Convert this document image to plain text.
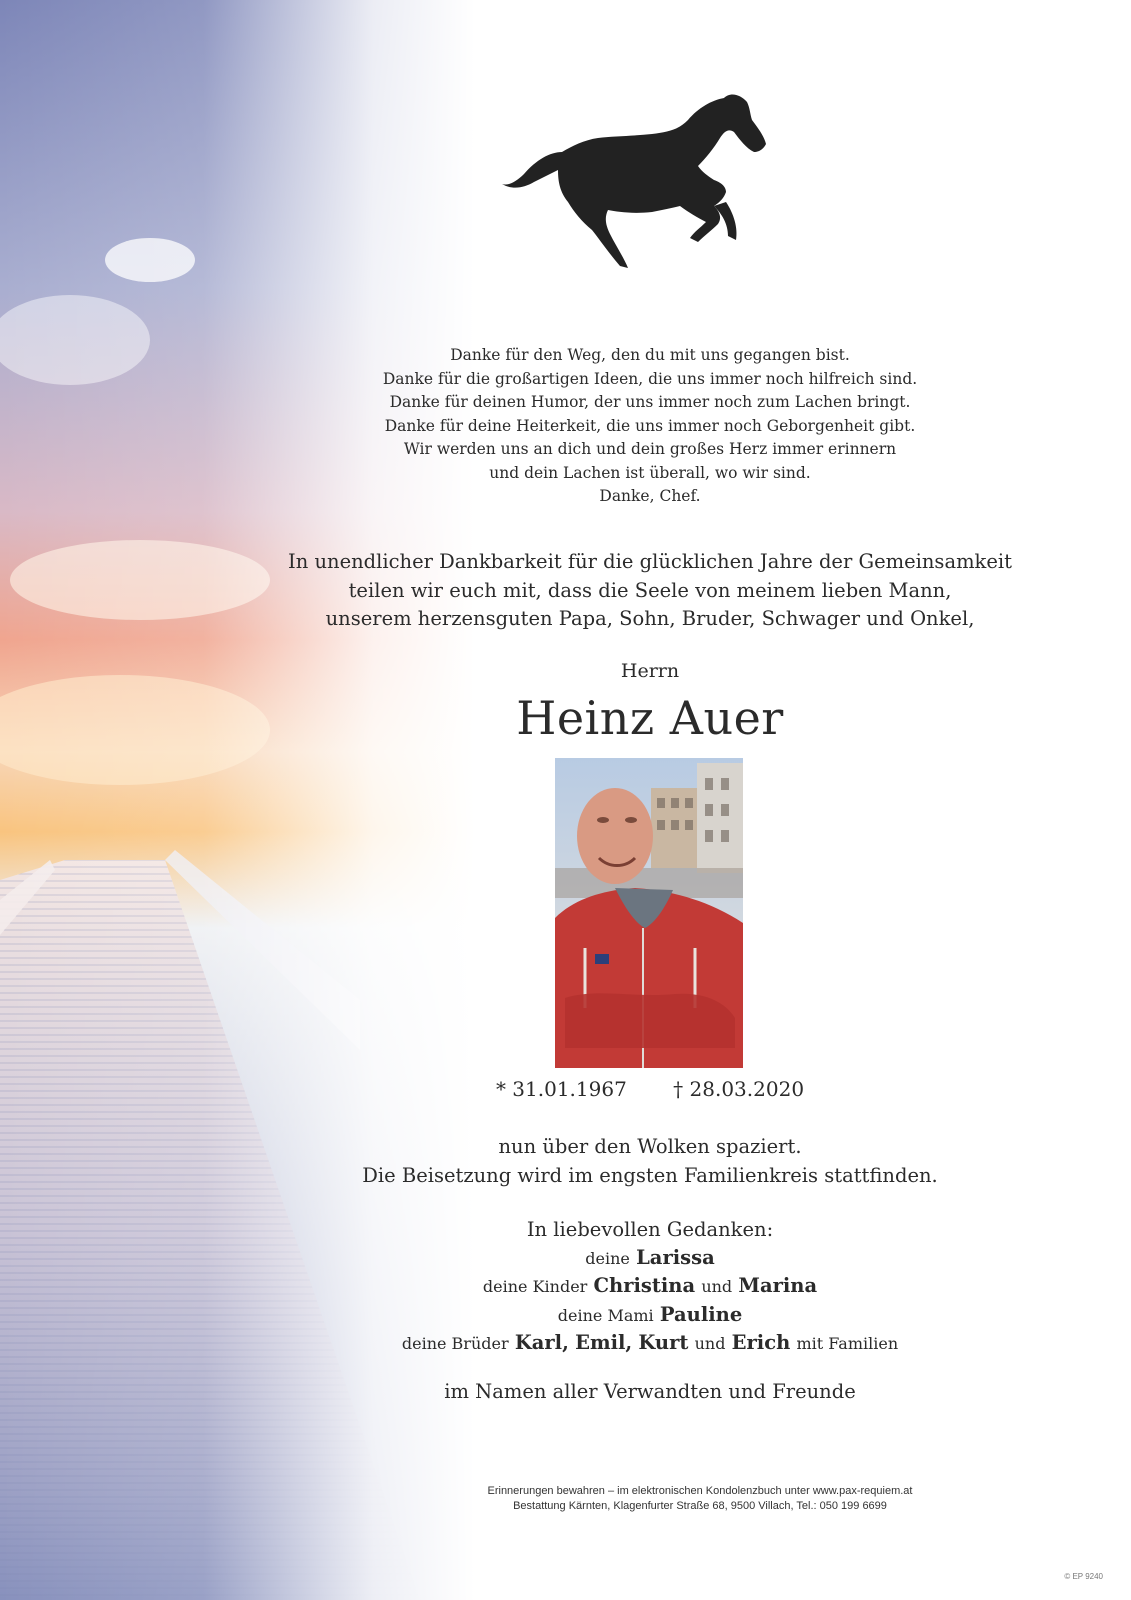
Danke für den Weg, den du mit uns gegangen bist.
Danke für die großartigen Ideen, die uns immer noch hilfreich sind.
Danke für deinen Humor, der uns immer noch zum Lachen bringt.
Danke für deine Heiterkeit, die uns immer noch Geborgenheit gibt.
Wir werden uns an dich und dein großes Herz immer erinnern
und dein Lachen ist überall, wo wir sind.
Danke, Chef.
In unendlicher Dankbarkeit für die glücklichen Jahre der Gemeinsamkeit
teilen wir euch mit, dass die Seele von meinem lieben Mann,
unserem herzensguten Papa, Sohn, Bruder, Schwager und Onkel,
Herrn
Heinz Auer
* 31.01.1967 † 28.03.2020
nun über den Wolken spaziert.
Die Beisetzung wird im engsten Familienkreis stattfinden.
In liebevollen Gedanken:
deine Larissa
deine Kinder Christina und Marina
deine Mami Pauline
deine Brüder Karl, Emil, Kurt und Erich mit Familien
im Namen aller Verwandten und Freunde
Erinnerungen bewahren – im elektronischen Kondolenzbuch unter www.pax-requiem.at
Bestattung Kärnten, Klagenfurter Straße 68, 9500 Villach, Tel.: 050 199 6699
© EP 9240
